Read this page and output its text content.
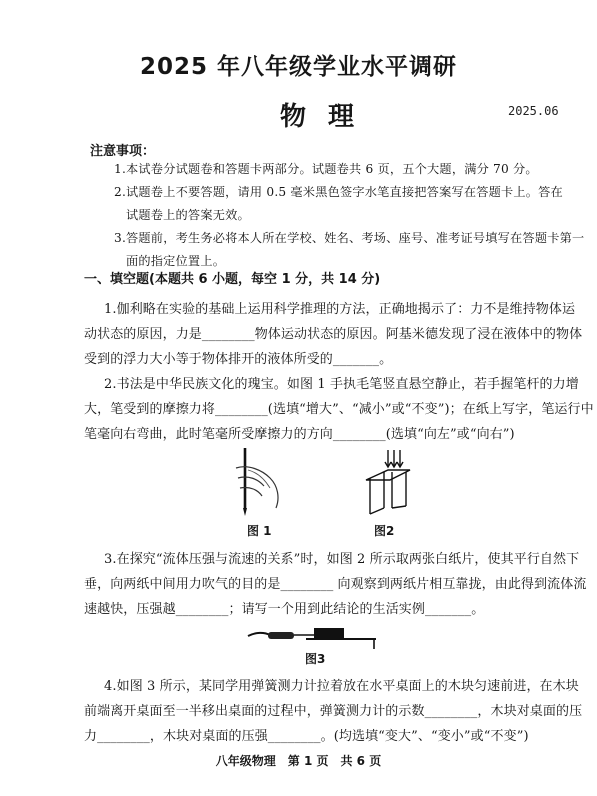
2025 年八年级学业水平调研
物理	2025.06
注意事项：
1.本试卷分试题卷和答题卡两部分。试题卷共 6 页，五个大题，满分 70 分。
2.试题卷上不要答题，请用 0.5 毫米黑色签字水笔直接把答案写在答题卡上。答在
试题卷上的答案无效。
3.答题前，考生务必将本人所在学校、姓名、考场、座号、准考证号填写在答题卡第一
面的指定位置上。
一、填空题(本题共 6 小题，每空 1 分，共 14 分)
1.伽利略在实验的基础上运用科学推理的方法，正确地揭示了：力不是维持物体运
动状态的原因，力是________物体运动状态的原因。阿基米德发现了浸在液体中的物体
受到的浮力大小等于物体排开的液体所受的_______。
2.书法是中华民族文化的瑰宝。如图 1 手执毛笔竖直悬空静止，若手握笔杆的力增
大，笔受到的摩擦力将________(选填“增大”、“减小”或“不变”)；在纸上写字，笔运行中
笔毫向右弯曲，此时笔毫所受摩擦力的方向________(选填“向左”或“向右”)
图 1	图2
3.在探究“流体压强与流速的关系”时，如图 2 所示取两张白纸片，使其平行自然下
垂，向两纸中间用力吹气的目的是________ 向观察到两纸片相互靠拢，由此得到流体流
速越快，压强越________；请写一个用到此结论的生活实例_______。
图3
4.如图 3 所示，某同学用弹簧测力计拉着放在水平桌面上的木块匀速前进，在木块
前端离开桌面至一半移出桌面的过程中，弹簧测力计的示数________，木块对桌面的压
力________，木块对桌面的压强________。(均选填“变大”、“变小”或“不变”)
八年级物理　第 1 页　共 6 页
